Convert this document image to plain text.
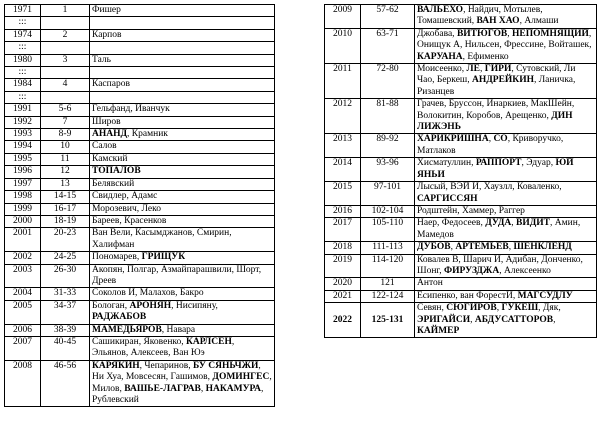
1971	1	Фишер
:::		
1974	2	Карпов
:::		
1980	3	Таль
:::		
1984	4	Каспаров
:::		
1991	5-6	Гельфанд, Иванчук
1992	7	Широв
1993	8-9	АНАНД, Крамник
1994	10	Салов
1995	11	Камский
1996	12	ТОПАЛОВ
1997	13	Белявский
1998	14-15	Свидлер, Адамс
1999	16-17	Морозевич, Леко
2000	18-19	Бареев, Красенков
2001	20-23	Ван Вели, Касымджанов, Смирин, Халифман
2002	24-25	Пономарев, ГРИЩУК
2003	26-30	Акопян, Полгар, Азмайпарашвили, Шорт, Дреев
2004	31-33	Соколов И, Малахов, Бакро
2005	34-37	Бологан, АРОНЯН, Нисипяну, РАДЖАБОВ
2006	38-39	МАМЕДЬЯРОВ, Навара
2007	40-45	Сашикиран, Яковенко, КАРЛСЕН, Эльянов, Алексеев, Ван Юэ
2008	46-56	КАРЯКИН, Чепаринов, БУ СЯНЬЧЖИ, Ни Хуа, Мовсесян, Гашимов, ДОМИНГЕС, Милов, ВАШЬЕ-ЛАГРАВ, НАКАМУРА, Рублевский
2009	57-62	ВАЛЬЕХО, Найдич, Мотылев, Томашевский, ВАН ХАО, Алмаши
2010	63-71	Джобава, ВИТЮГОВ, НЕПОМНЯЩИЙ, Онищук А, Нильсен, Фрессине, Войташек, КАРУАНА, Ефименко
2011	72-80	Моисеенко, ЛЕ, ГИРИ, Сутовский, Ли Чао, Беркеш, АНДРЕЙКИН, Ланичка, Ризанцев
2012	81-88	Грачев, Бруссон, Инаркиев, МакШейн, Волокитин, Коробов, Арещенко, ДИН ЛИЖЭНЬ
2013	89-92	ХАРИКРИШНА, СО, Криворучко, Матлаков
2014	93-96	Хисматуллин, РАППОРТ, Эдуар, ЮЙ ЯНЬИ
2015	97-101	Лысый, ВЭЙ И, Хаузлл, Коваленко, САРГИССЯН
2016	102-104	Родштейн, Хаммер, Раггер
2017	105-110	Наер, Федосеев, ДУДА, ВИДИТ, Амин, Мамедов
2018	111-113	ДУБОВ, АРТЕМЬЕВ, ШЕНКЛЕНД
2019	114-120	Ковалев В, Шарич И, Адибан, Донченко, Шонг, ФИРУЗДЖА, Алексеенко
2020	121	Антон
2021	122-124	Есипенко, ван ФорестИ, МАГСУДЛУ
2022	125-131	Севян, СЮГИРОВ, ГУКЕШ, Дяк, ЭРИГАЙСИ, АБДУСАТТОРОВ, КАЙМЕР
